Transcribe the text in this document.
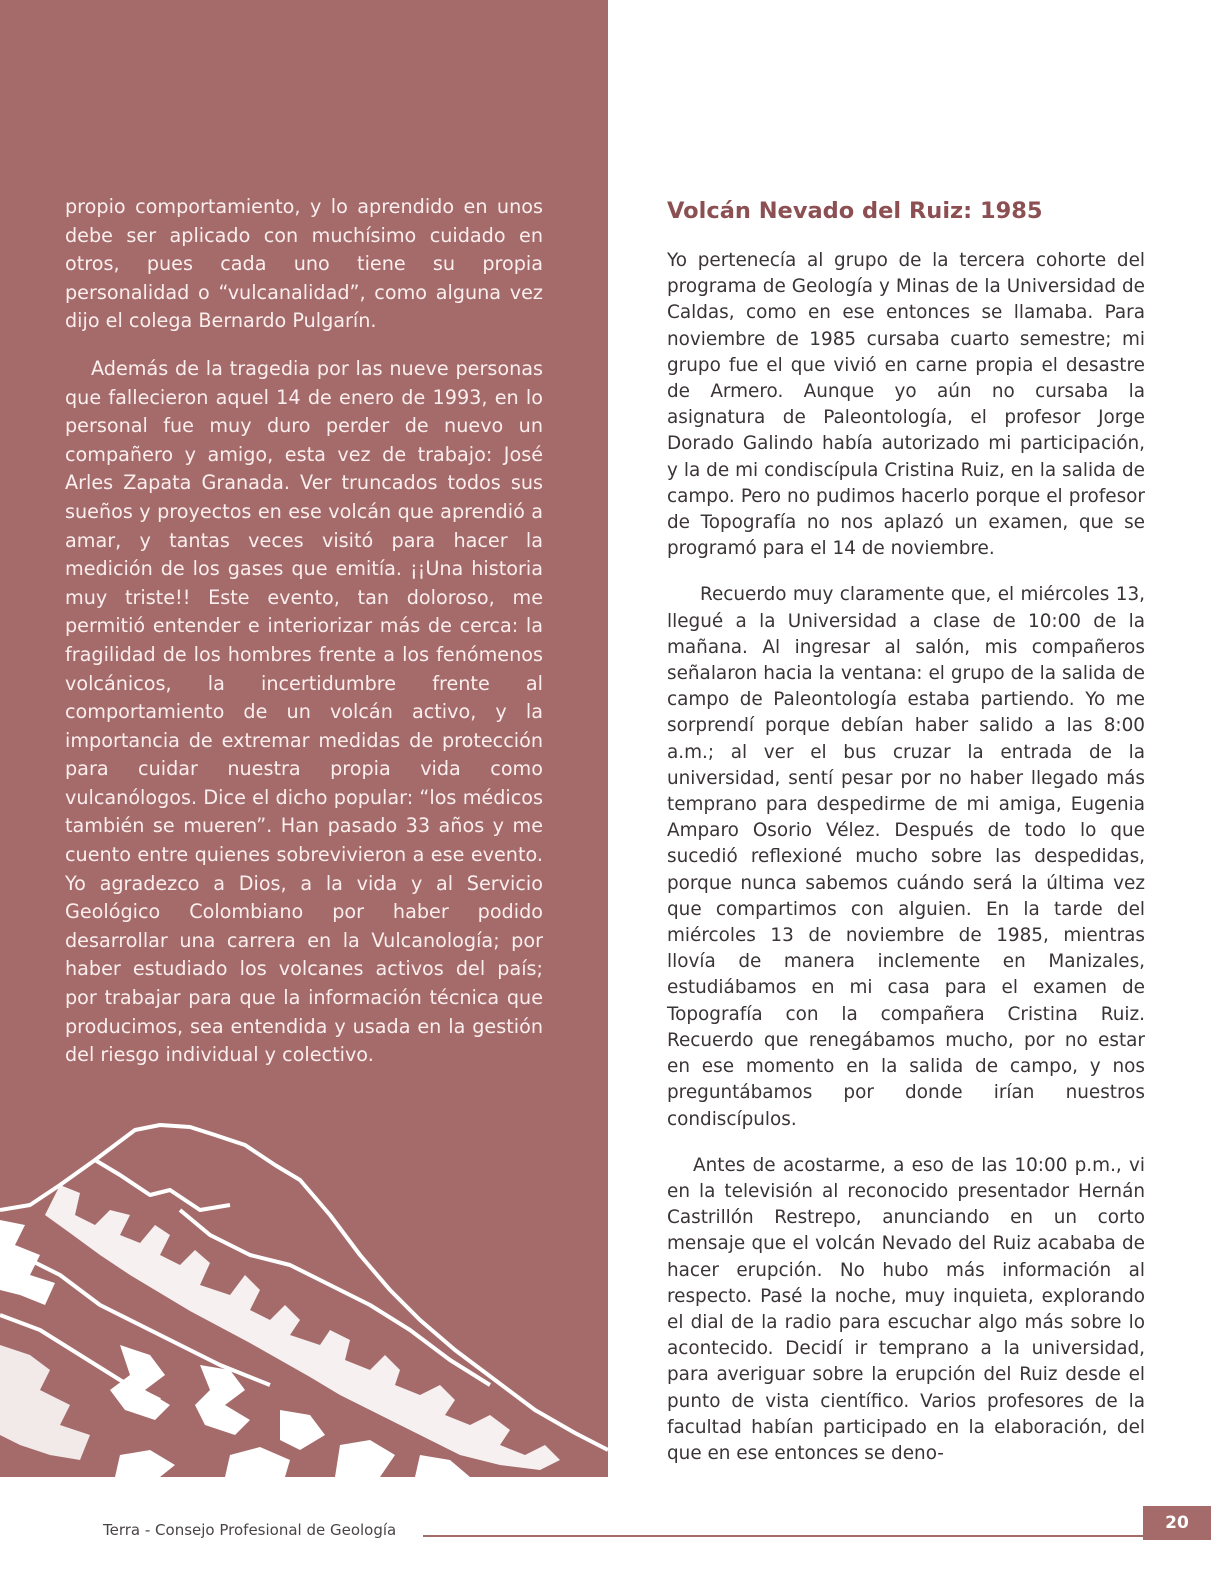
propio comportamiento, y lo aprendido en unos debe ser aplicado con muchísimo cuidado en otros, pues cada uno tiene su propia personalidad o “vulcanalidad”, como alguna vez dijo el colega Bernardo Pulgarín.

Además de la tragedia por las nueve personas que fallecieron aquel 14 de enero de 1993, en lo personal fue muy duro perder de nuevo un compañero y amigo, esta vez de trabajo: José Arles Zapata Granada. Ver truncados todos sus sueños y proyectos en ese volcán que aprendió a amar, y tantas veces visitó para hacer la medición de los gases que emitía. ¡¡Una historia muy triste!! Este evento, tan doloroso, me permitió entender e interiorizar más de cerca: la fragilidad de los hombres frente a los fenómenos volcánicos, la incertidumbre frente al comportamiento de un volcán activo, y la importancia de extremar medidas de protección para cuidar nuestra propia vida como vulcanólogos. Dice el dicho popular: “los médicos también se mueren”. Han pasado 33 años y me cuento entre quienes sobrevivieron a ese evento. Yo agradezco a Dios, a la vida y al Servicio Geológico Colombiano por haber podido desarrollar una carrera en la Vulcanología; por haber estudiado los volcanes activos del país; por trabajar para que la información técnica que producimos, sea entendida y usada en la gestión del riesgo individual y colectivo.

Volcán Nevado del Ruiz: 1985

Yo pertenecía al grupo de la tercera cohorte del programa de Geología y Minas de la Universidad de Caldas, como en ese entonces se llamaba. Para noviembre de 1985 cursaba cuarto semestre; mi grupo fue el que vivió en carne propia el desastre de Armero. Aunque yo aún no cursaba la asignatura de Paleontología, el profesor Jorge Dorado Galindo había autorizado mi participación, y la de mi condiscípula Cristina Ruiz, en la salida de campo. Pero no pudimos hacerlo porque el profesor de Topografía no nos aplazó un examen, que se programó para el 14 de noviembre.

Recuerdo muy claramente que, el miércoles 13, llegué a la Universidad a clase de 10:00 de la mañana. Al ingresar al salón, mis compañeros señalaron hacia la ventana: el grupo de la salida de campo de Paleontología estaba partiendo. Yo me sorprendí porque debían haber salido a las 8:00 a.m.; al ver el bus cruzar la entrada de la universidad, sentí pesar por no haber llegado más temprano para despedirme de mi amiga, Eugenia Amparo Osorio Vélez. Después de todo lo que sucedió reflexioné mucho sobre las despedidas, porque nunca sabemos cuándo será la última vez que compartimos con alguien. En la tarde del miércoles 13 de noviembre de 1985, mientras llovía de manera inclemente en Manizales, estudiábamos en mi casa para el examen de Topografía con la compañera Cristina Ruiz. Recuerdo que renegábamos mucho, por no estar en ese momento en la salida de campo, y nos preguntábamos por donde irían nuestros condiscípulos.

Antes de acostarme, a eso de las 10:00 p.m., vi en la televisión al reconocido presentador Hernán Castrillón Restrepo, anunciando en un corto mensaje que el volcán Nevado del Ruiz acababa de hacer erupción. No hubo más información al respecto. Pasé la noche, muy inquieta, explorando el dial de la radio para escuchar algo más sobre lo acontecido. Decidí ir temprano a la universidad, para averiguar sobre la erupción del Ruiz desde el punto de vista científico. Varios profesores de la facultad habían participado en la elaboración, del que en ese entonces se deno-

Terra - Consejo Profesional de Geología	20
